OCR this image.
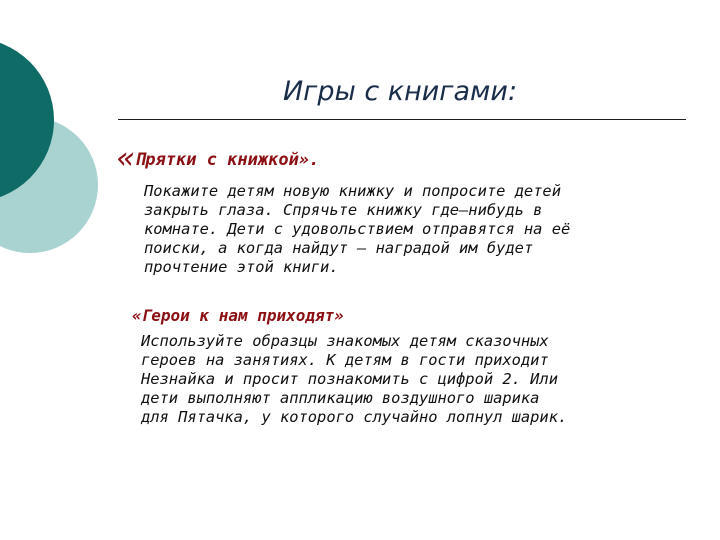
Игры с книгами:
«Прятки с книжкой».
Покажите детям новую книжку и попросите детей
закрыть глаза. Спрячьте книжку где–нибудь в
комнате. Дети с удовольствием отправятся на её
поиски, а когда найдут – наградой им будет
прочтение этой книги.
«Герои к нам приходят»
Используйте образцы знакомых детям сказочных
героев на занятиях. К детям в гости приходит
Незнайка и просит познакомить с цифрой 2. Или
дети выполняют аппликацию воздушного шарика
для Пятачка, у которого случайно лопнул шарик.
